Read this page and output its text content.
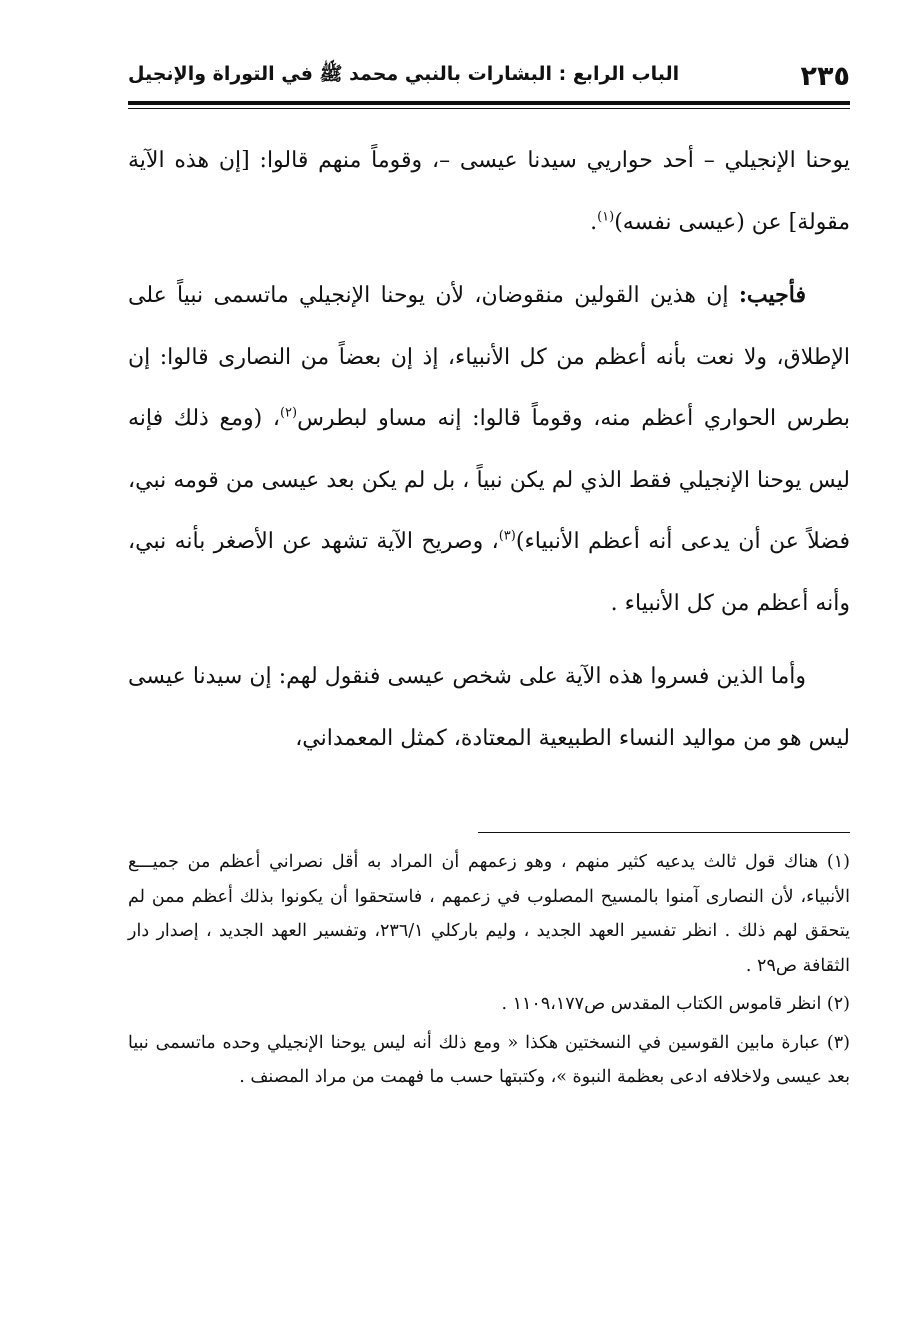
٢٣٥
الباب الرابع : البشارات بالنبي محمد ﷺ في التوراة والإنجيل

يوحنا الإنجيلي – أحد حواريي سيدنا عيسى –، وقوماً منهم قالوا: [إن هذه الآية مقولة] عن (عيسى نفسه)$^{(١)}$.

فأجيب: إن هذين القولين منقوضان، لأن يوحنا الإنجيلي ماتسمى نبياً على الإطلاق، ولا نعت بأنه أعظم من كل الأنبياء، إذ إن بعضاً من النصارى قالوا: إن بطرس الحواري أعظم منه، وقوماً قالوا: إنه مساو لبطرس$^{(٢)}$، (ومع ذلك فإنه ليس يوحنا الإنجيلي فقط الذي لم يكن نبياً ، بل لم يكن بعد عيسى من قومه نبي، فضلاً عن أن يدعى أنه أعظم الأنبياء)$^{(٣)}$، وصريح الآية تشهد عن الأصغر بأنه نبي، وأنه أعظم من كل الأنبياء .

وأما الذين فسروا هذه الآية على شخص عيسى فنقول لهم: إن سيدنا عيسى ليس هو من مواليد النساء الطبيعية المعتادة، كمثل المعمداني،

(١) هناك قول ثالث يدعيه كثير منهم ، وهو زعمهم أن المراد به أقل نصراني أعظم من جميـــع الأنبياء، لأن النصارى آمنوا بالمسيح المصلوب في زعمهم ، فاستحقوا أن يكونوا بذلك أعظم ممن لم يتحقق لهم ذلك . انظر تفسير العهد الجديد ، وليم باركلي ٢٣٦/١، وتفسير العهد الجديد ، إصدار دار الثقافة ص٢٩ .

(٢) انظر قاموس الكتاب المقدس ص١١٠٩،١٧٧ .

(٣) عبارة مابين القوسين في النسختين هكذا « ومع ذلك أنه ليس يوحنا الإنجيلي وحده ماتسمى نبيا بعد عيسى ولاخلافه ادعى بعظمة النبوة »، وكتبتها حسب ما فهمت من مراد المصنف .
